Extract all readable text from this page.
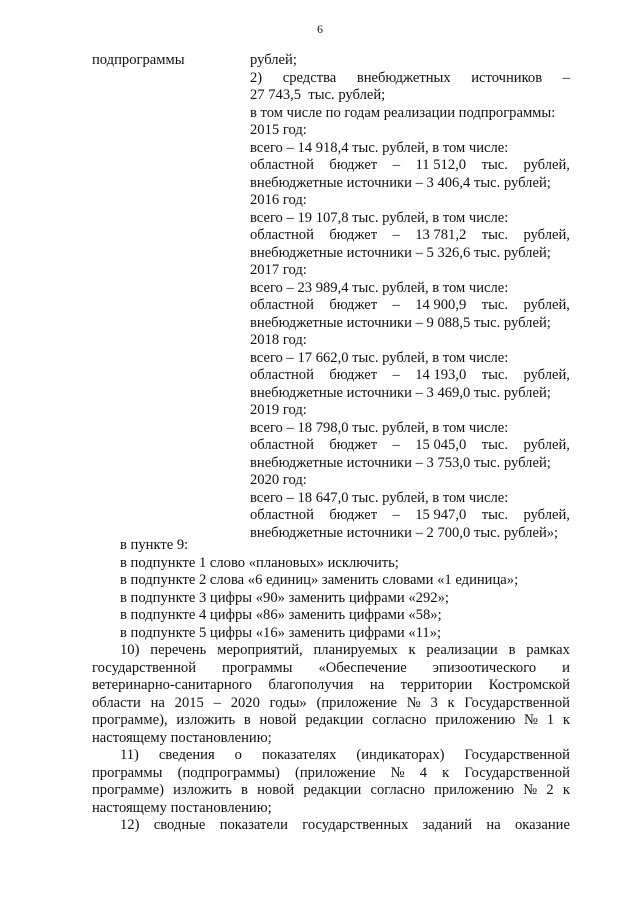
6

подпрограммы	рублей;

2) средства внебюджетных источников –

27 743,5  тыс. рублей;

в том числе по годам реализации подпрограммы:

2015 год:

всего – 14 918,4 тыс. рублей, в том числе:

областной бюджет – 11 512,0 тыс. рублей,

внебюджетные источники – 3 406,4 тыс. рублей;

2016 год:

всего – 19 107,8 тыс. рублей, в том числе:

областной бюджет – 13 781,2 тыс. рублей,

внебюджетные источники – 5 326,6 тыс. рублей;

2017 год:

всего – 23 989,4 тыс. рублей, в том числе:

областной бюджет – 14 900,9 тыс. рублей,

внебюджетные источники – 9 088,5 тыс. рублей;

2018 год:

всего – 17 662,0 тыс. рублей, в том числе:

областной бюджет – 14 193,0 тыс. рублей,

внебюджетные источники – 3 469,0 тыс. рублей;

2019 год:

всего – 18 798,0 тыс. рублей, в том числе:

областной бюджет – 15 045,0 тыс. рублей,

внебюджетные источники – 3 753,0 тыс. рублей;

2020 год:

всего – 18 647,0 тыс. рублей, в том числе:

областной бюджет – 15 947,0 тыс. рублей,

внебюджетные источники – 2 700,0 тыс. рублей»;

в пункте 9:

в подпункте 1 слово «плановых» исключить;

в подпункте 2 слова «6 единиц» заменить словами «1 единица»;

в подпункте 3 цифры «90» заменить цифрами «292»;

в подпункте 4 цифры «86» заменить цифрами «58»;

в подпункте 5 цифры «16» заменить цифрами «11»;

10) перечень мероприятий, планируемых к реализации в рамках

государственной программы «Обеспечение эпизоотического и

ветеринарно-санитарного благополучия на территории Костромской

области на 2015 – 2020 годы» (приложение № 3 к Государственной

программе), изложить в новой редакции согласно приложению № 1 к

настоящему постановлению;

11) сведения о показателях (индикаторах) Государственной

программы (подпрограммы) (приложение № 4 к Государственной

программе) изложить в новой редакции согласно приложению № 2 к

настоящему постановлению;

12) сводные показатели государственных заданий на оказание
